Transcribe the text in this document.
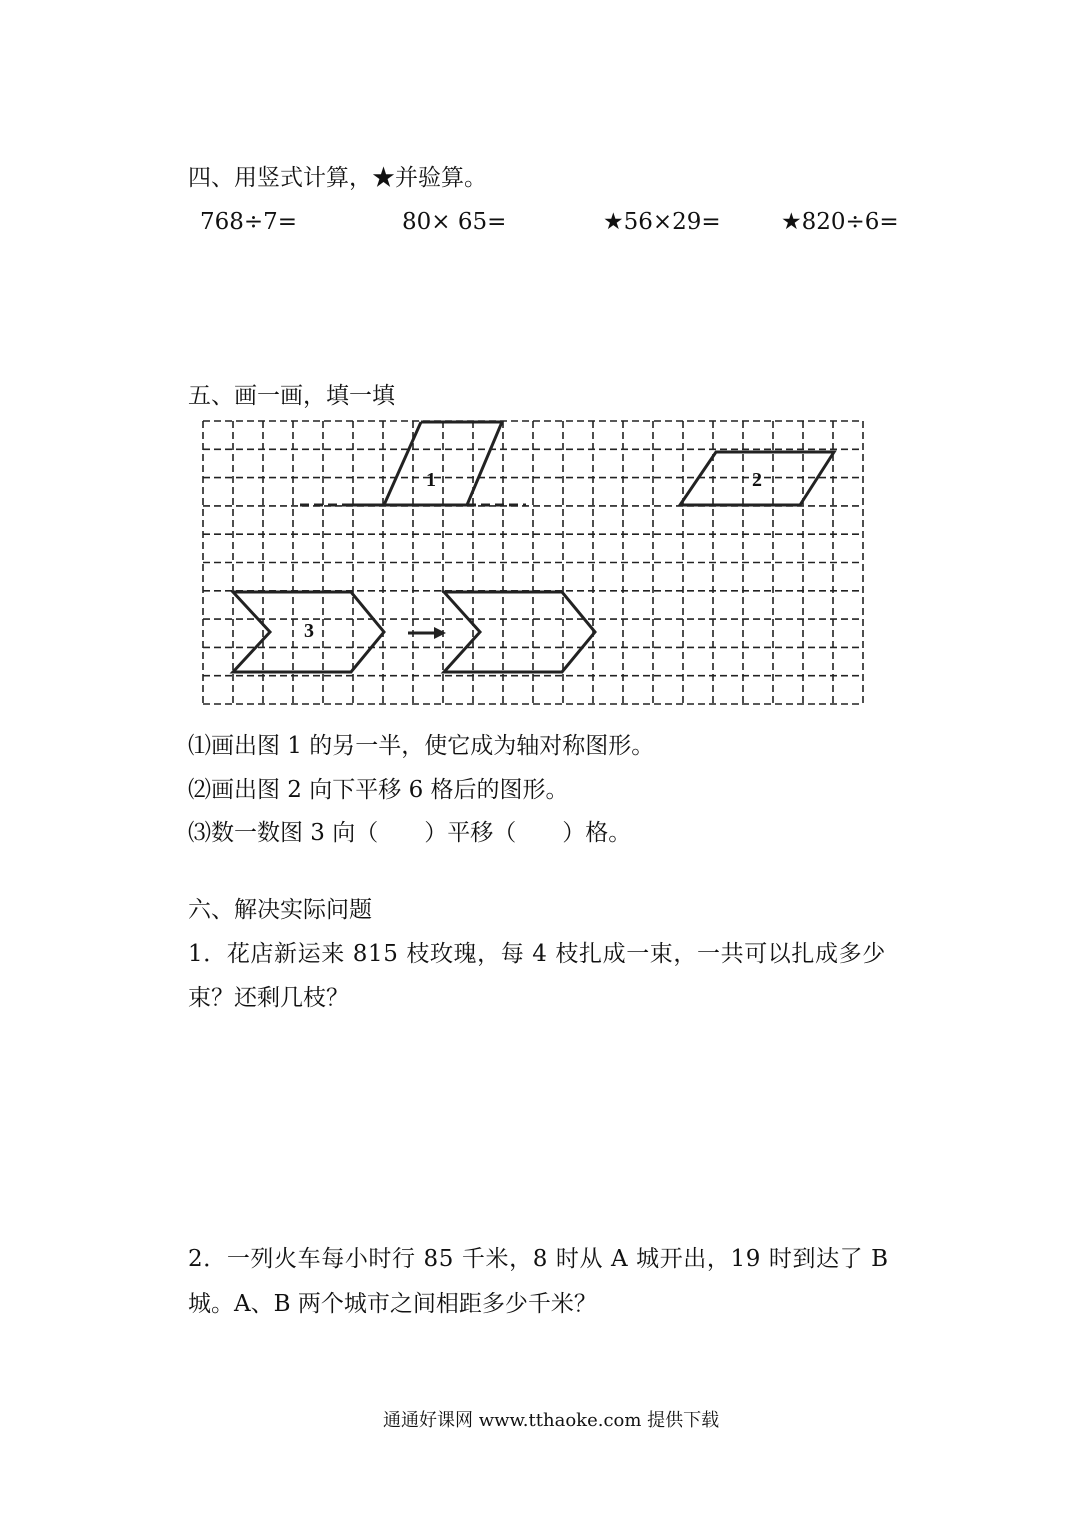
四、用竖式计算，★并验算。
768÷7=	80× 65=	★56×29=	★820÷6=
五、画一画，填一填
1	2
3
⑴画出图 1 的另一半，使它成为轴对称图形。
⑵画出图 2 向下平移 6 格后的图形。
⑶数一数图 3 向（　　）平移（　　）格。
六、解决实际问题
1．花店新运来 815 枝玫瑰，每 4 枝扎成一束，一共可以扎成多少
束？还剩几枝？
2．一列火车每小时行 85 千米，8 时从 A 城开出，19 时到达了 B
城。A、B 两个城市之间相距多少千米？
通通好课网 www.tthaoke.com 提供下载
